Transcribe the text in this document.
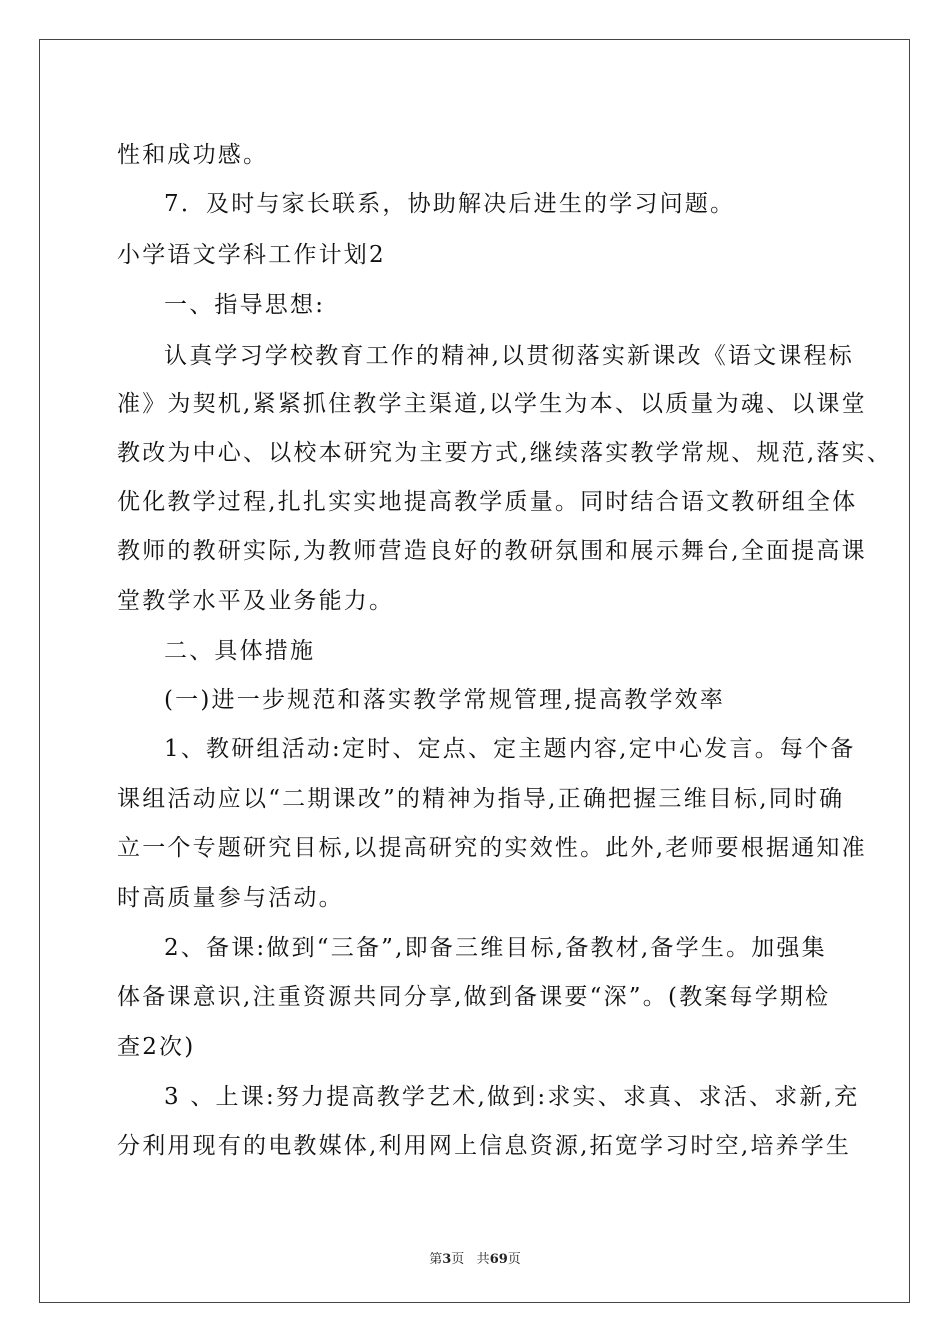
性和成功感。
7．及时与家长联系，协助解决后进生的学习问题。
小学语文学科工作计划2
一、指导思想:
认真学习学校教育工作的精神,以贯彻落实新课改《语文课程标
准》为契机,紧紧抓住教学主渠道,以学生为本、以质量为魂、以课堂
教改为中心、以校本研究为主要方式,继续落实教学常规、规范,落实、
优化教学过程,扎扎实实地提高教学质量。同时结合语文教研组全体
教师的教研实际,为教师营造良好的教研氛围和展示舞台,全面提高课
堂教学水平及业务能力。
二、具体措施
(一)进一步规范和落实教学常规管理,提高教学效率
1、教研组活动:定时、定点、定主题内容,定中心发言。每个备
课组活动应以“二期课改”的精神为指导,正确把握三维目标,同时确
立一个专题研究目标,以提高研究的实效性。此外,老师要根据通知准
时高质量参与活动。
2、备课:做到“三备”,即备三维目标,备教材,备学生。加强集
体备课意识,注重资源共同分享,做到备课要“深”。(教案每学期检
查2次)
3 、上课:努力提高教学艺术,做到:求实、求真、求活、求新,充
分利用现有的电教媒体,利用网上信息资源,拓宽学习时空,培养学生
第3页 共69页
